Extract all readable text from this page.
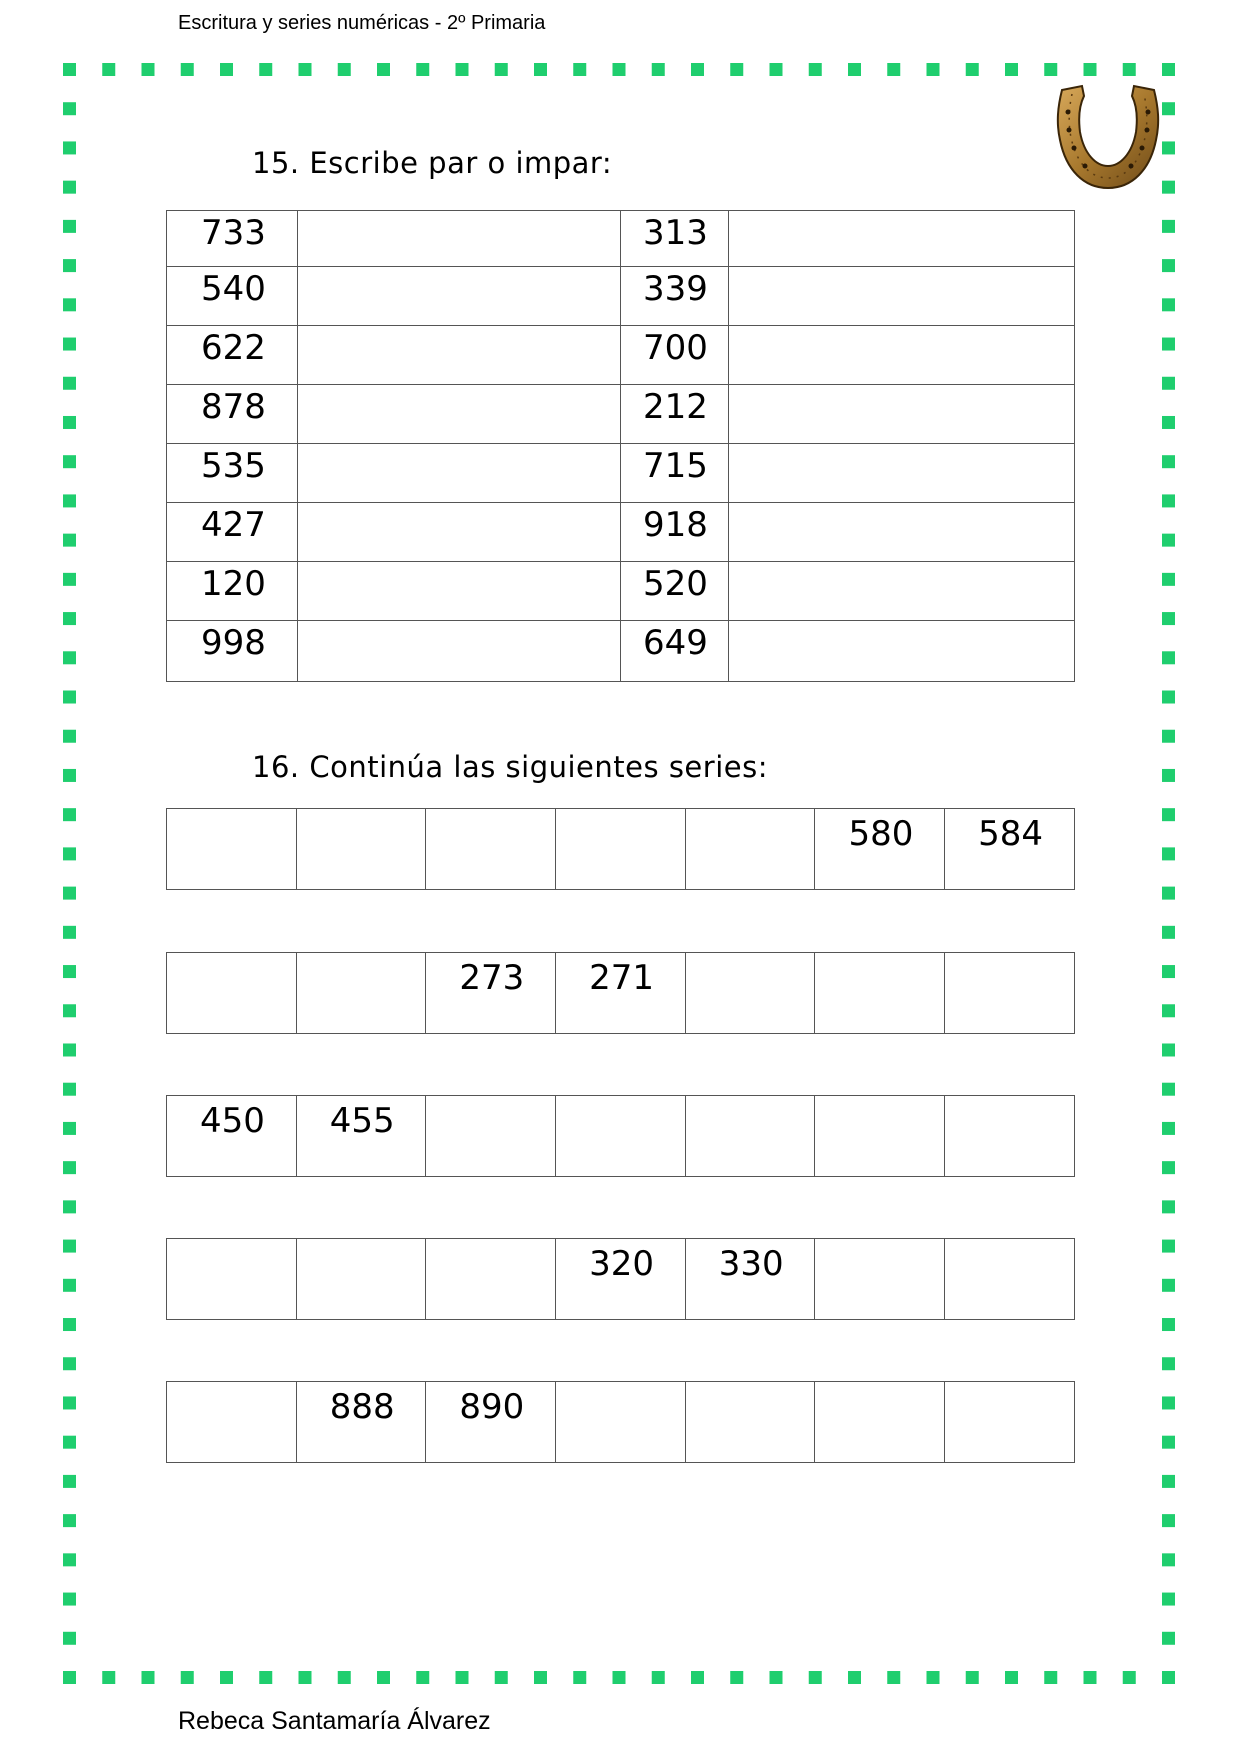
Escritura y series numéricas - 2º Primaria
15. Escribe par o impar:
733		313	
540		339	
622		700	
878		212	
535		715	
427		918	
120		520	
998		649	
16. Continúa las siguientes series:
					580	584
		273	271			
450	455					
			320	330		
	888	890				
Rebeca Santamaría Álvarez
